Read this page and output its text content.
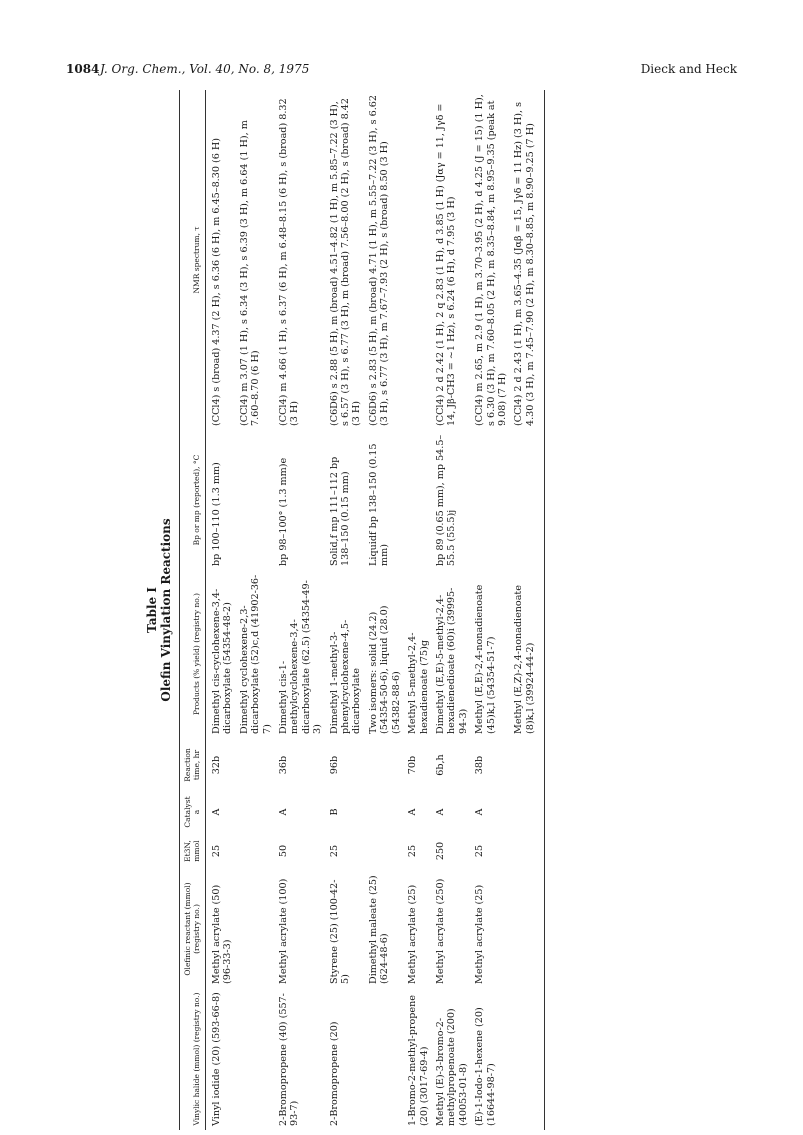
1084 J. Org. Chem., Vol. 40, No. 8, 1975	Dieck and Heck
Table I Olefin Vinylation Reactions
Vinylic halide (mmol) (registry no.)	Olefinic reactant (mmol) (registry no.)	Et3N, mmol	Catalyst a	Reaction time, hr	Products (% yield) (registry no.)	Bp or mp (reported), °C	NMR spectrum, τ
Vinyl iodide (20) (593-66-8)	Methyl acrylate (50) (96-33-3)	25	A	32b	Dimethyl cis-cyclohexene-3,4-dicarboxylate (54354-48-2)	bp 100–110 (1.3 mm)	(CCl4) s (broad) 4.37 (2 H), s 6.36 (6 H), m 6.45–8.30 (6 H)
					Dimethyl cyclohexene-2,3-dicarboxylate (52)c,d (41902-36-7)		(CCl4) m 3.07 (1 H), s 6.34 (3 H), s 6.39 (3 H), m 6.64 (1 H), m 7.60–8.70 (6 H)
2-Bromopropene (40) (557-93-7)	Methyl acrylate (100)	50	A	36b	Dimethyl cis-1-methylcyclohexene-3,4-dicarboxylate (62.5) (54354-49-3)	bp 98–100° (1.3 mm)e	(CCl4) m 4.66 (1 H), s 6.37 (6 H), m 6.48–8.15 (6 H), s (broad) 8.32 (3 H)
2-Bromopropene (20)	Styrene (25) (100-42-5)	25	B	96b	Dimethyl 1-methyl-3-phenylcyclohexene-4,5-dicarboxylate	Solid,f mp 111–112 bp 138–150 (0.15 mm)	(C6D6) s 2.88 (5 H), m (broad) 4.51–4.82 (1 H), m 5.85–7.22 (3 H), s 6.57 (3 H), s 6.77 (3 H), m (broad) 7.56–8.00 (2 H), s (broad) 8.42 (3 H)
	Dimethyl maleate (25) (624-48-6)				Two isomers: solid (24.2) (54354-50-6), liquid (28.0) (54382-88-6)	Liquidf bp 138–150 (0.15 mm)	(C6D6) s 2.83 (5 H), m (broad) 4.71 (1 H), m 5.55–7.22 (3 H), s 6.62 (3 H), s 6.77 (3 H), m 7.67–7.93 (2 H), s (broad) 8.50 (3 H)
1-Bromo-2-methyl-propene (20) (3017-69-4)	Methyl acrylate (25)	25	A	70b	Methyl 5-methyl-2,4-hexadienoate (75)g		
Methyl (E)-3-bromo-2-methylpropenoate (200) (40053-01-8)	Methyl acrylate (250)	250	A	6b,h	Dimethyl (E,E)-5-methyl-2,4-hexadienedioate (60)i (39995-94-3)	bp 89 (0.65 mm), mp 54.5–55.5 (55.5)j	(CCl4) 2 d 2.42 (1 H), 2 q 2.83 (1 H), d 3.85 (1 H) (Jαγ = 11, Jγδ = 14, Jβ-CH3 = ~1 Hz), s 6.24 (6 H), d 7.95 (3 H)
(E)-1-Iodo-1-hexene (20) (16644-98-7)	Methyl acrylate (25)	25	A	38b	Methyl (E,E)-2,4-nonadienoate (45)k,l (54354-51-7)		(CCl4) m 2.65, m 2.9 (1 H), m 3.70–3.95 (2 H), d 4.25 (J = 15) (1 H), s 6.30 (3 H), m 7.60–8.05 (2 H), m 8.35–8.84, m 8.95–9.35 (peak at 9.08) (7 H)
					Methyl (E,Z)-2,4-nonadienoate (8)k,l (39924-44-2)		(CCl4) 2 d 2.43 (1 H), m 3.65–4.35 (Jαβ = 15, Jγδ = 11 Hz) (3 H), s 4.30 (3 H), m 7.45–7.90 (2 H), m 8.30–8.85, m 8.90–9.25 (7 H)
